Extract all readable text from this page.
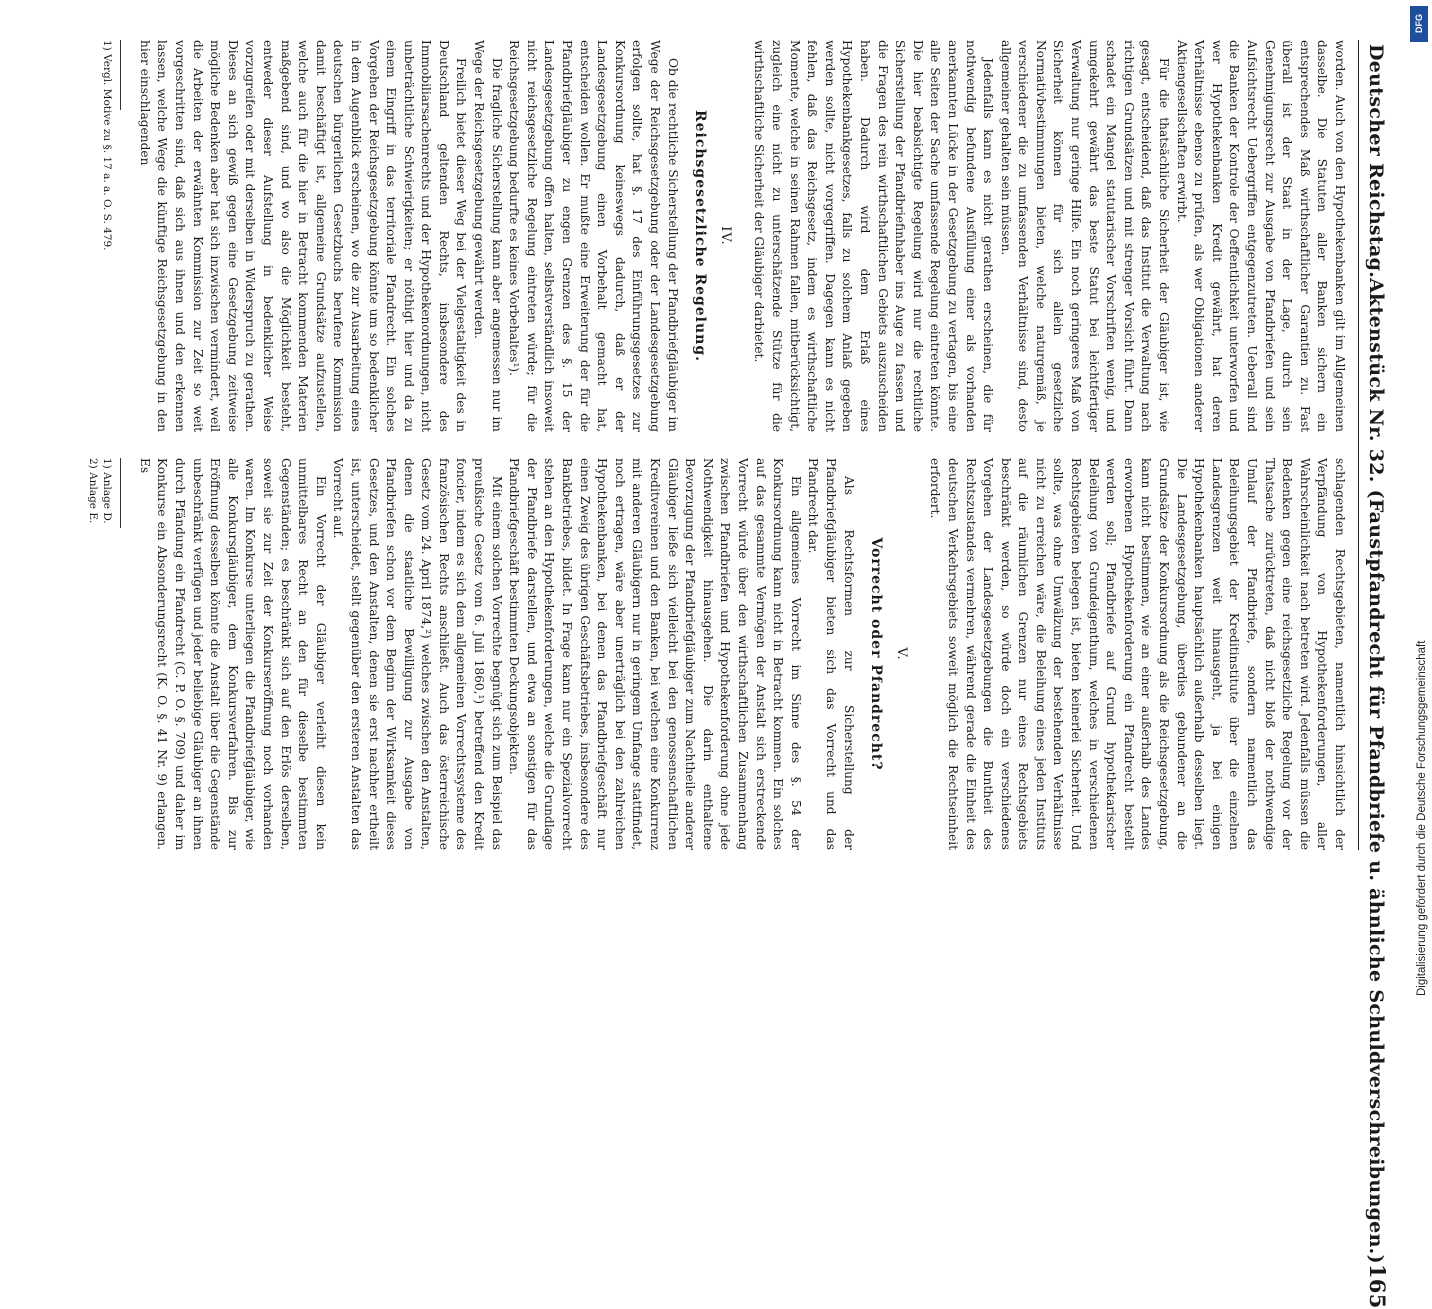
Deutscher Reichstag.
Aktenstück Nr. 32. (Faustpfandrecht für Pfandbriefe u. ähnliche Schuldverschreibungen.)
165

worden. Auch von den Hypothekenbanken gilt im Allgemeinen dasselbe. Die Statuten aller Banken sichern ein entsprechendes Maß wirthschaftlicher Garantien zu. Fast überall ist der Staat in der Lage, durch sein Genehmigungsrecht zur Ausgabe von Pfandbriefen und sein Aufsichtsrecht Uebergriffen entgegenzutreten. Ueberall sind die Banken der Kontrole der Oeffentlichkeit unterworfen und wer Hypothekenbanken Kredit gewährt, hat deren Verhältnisse ebenso zu prüfen, als wer Obligationen anderer Aktiengesellschaften erwirbt.

Für die thatsächliche Sicherheit der Gläubiger ist, wie gesagt, entscheidend, daß das Institut die Verwaltung nach richtigen Grundsätzen und mit strenger Vorsicht führt. Dann schadet ein Mangel statutarischer Vorschriften wenig, und umgekehrt gewährt das beste Statut bei leichtfertiger Verwaltung nur geringe Hilfe. Ein noch geringeres Maß von Sicherheit können für sich allein gesetzliche Normativbestimmungen bieten, welche naturgemäß, je verschiedener die zu umfassenden Verhältnisse sind, desto allgemeiner gehalten sein müssen.

Jedenfalls kann es nicht gerathen erscheinen, die für nothwendig befundene Ausfüllung einer als vorhanden anerkannten Lücke in der Gesetzgebung zu vertagen, bis eine alle Seiten der Sache umfassende Regelung eintreten könnte. Die hier beabsichtigte Regelung wird nur die rechtliche Sicherstellung der Pfandbriefinhaber ins Auge zu fassen und die Fragen des rein wirthschaftlichen Gebiets auszuscheiden haben. Dadurch wird dem Erlaß eines Hypothekenbankgesetzes, falls zu solchem Anlaß gegeben werden sollte, nicht vorgegriffen. Dagegen kann es nicht fehlen, daß das Reichsgesetz, indem es wirthschaftliche Momente, welche in seinen Rahmen fallen, mitberücksichtigt, zugleich eine nicht zu unterschätzende Stütze für die wirthschaftliche Sicherheit der Gläubiger darbietet.

IV.
Reichsgesetzliche Regelung.

Ob die rechtliche Sicherstellung der Pfandbriefgläubiger im Wege der Reichsgesetzgebung oder der Landesgesetzgebung erfolgen sollte, hat §. 17 des Einführungsgesetzes zur Konkursordnung keineswegs dadurch, daß er der Landesgesetzgebung einen Vorbehalt gemacht hat, entscheiden wollen. Er mußte eine Erweiterung der für die Pfandbriefgläubiger zu engen Grenzen des §. 15 der Landesgesetzgebung offen halten, selbstverständlich insoweit nicht reichsgesetzliche Regelung eintreten würde; für die Reichsgesetzgebung bedurfte es keines Vorbehaltes¹).

Die fragliche Sicherstellung kann aber angemessen nur im Wege der Reichsgesetzgebung gewährt werden.

Freilich bietet dieser Weg bei der Vielgestaltigkeit des in Deutschland geltenden Rechts, insbesondere des Immobiliarsachenrechts und der Hypothekenordnungen, nicht unbeträchtliche Schwierigkeiten; er nöthigt hier und da zu einem Eingriff in das territoriale Pfandrecht. Ein solches Vorgehen der Reichsgesetzgebung könnte um so bedenklicher in dem Augenblick erscheinen, wo die zur Ausarbeitung eines deutschen bürgerlichen Gesetzbuchs berufene Kommission damit beschäftigt ist, allgemeine Grundsätze aufzustellen, welche auch für die hier in Betracht kommenden Materien maßgebend sind, und wo also die Möglichkeit besteht, entweder dieser Aufstellung in bedenklicher Weise vorzugreifen oder mit derselben in Widerspruch zu gerathen. Dieses an sich gewiß gegen eine Gesetzgebung zeitweise mögliche Bedenken aber hat sich inzwischen vermindert, weil die Arbeiten der erwähnten Kommission zur Zeit so weit vorgeschritten sind, daß sich aus ihnen und den erkennen lassen, welche Wege die künftige Reichsgesetzgebung in den hier einschlagenden

1) Vergl. Motive zu §. 17 a. a. O. S. 479.

schlagenden Rechtsgebieten, namentlich hinsichtlich der Verpfändung von Hypothekenforderungen, aller Wahrscheinlichkeit nach betreten wird. Jedenfalls müssen die Bedenken gegen eine reichsgesetzliche Regelung vor der Thatsache zurücktreten, daß nicht bloß der nothwendige Umlauf der Pfandbriefe, sondern namentlich das Beleihungsgebiet der Kreditinstitute über die einzelnen Landesgrenzen weit hinausgeht, ja bei einigen Hypothekenbanken hauptsächlich außerhalb desselben liegt. Die Landesgesetzgebung, überdies gebundener an die Grundsätze der Konkursordnung als die Reichsgesetzgebung, kann nicht bestimmen, wie an einer außerhalb des Landes erworbenen Hypothekenforderung ein Pfandrecht bestellt werden soll; Pfandbriefe auf Grund hypothekarischer Beleihung von Grundeigenthum, welches in verschiedenen Rechtsgebieten belegen ist, bieten keinerlei Sicherheit. Und sollte, was ohne Umwälzung der bestehenden Verhältnisse nicht zu erreichen wäre, die Beleihung eines jeden Instituts auf die räumlichen Grenzen nur eines Rechtsgebiets beschränkt werden, so würde doch ein verschiedenes Vorgehen der Landesgesetzgebungen die Buntheit des Rechtszustandes vermehren, während gerade die Einheit des deutschen Verkehrsgebiets soweit möglich die Rechtseinheit erfordert.

V.
Vorrecht oder Pfandrecht?

Als Rechtsformen zur Sicherstellung der Pfandbriefgläubiger bieten sich das Vorrecht und das Pfandrecht dar.

Ein allgemeines Vorrecht im Sinne des §. 54 der Konkursordnung kann nicht in Betracht kommen. Ein solches auf das gesammte Vermögen der Anstalt sich erstreckende Vorrecht würde über den wirthschaftlichen Zusammenhang zwischen Pfandbriefen und Hypothekenforderung ohne jede Nothwendigkeit hinausgehen. Die darin enthaltene Bevorzugung der Pfandbriefgläubiger zum Nachtheile anderer Gläubiger ließe sich vielleicht bei den genossenschaftlichen Kreditvereinen und den Banken, bei welchen eine Konkurrenz mit anderen Gläubigern nur in geringem Umfange stattfindet, noch ertragen, wäre aber unerträglich bei den zahlreichen Hypothekenbanken, bei denen das Pfandbriefgeschäft nur einen Zweig des übrigen Geschäftsbetriebes, insbesondere des Bankbetriebes, bildet. In Frage kann nur ein Spezialvorrecht stehen an den Hypothekenforderungen, welche die Grundlage der Pfandbriefe darstellen, und etwa an sonstigen für das Pfandbriefgeschäft bestimmten Deckungsobjekten.

Mit einem solchen Vorrechte begnügt sich zum Beispiel das preußische Gesetz vom 6. Juli 1860,¹) betreffend den Kredit foncier, indem es sich dem allgemeinen Vorrechtssysteme des französischen Rechts anschließt. Auch das österreichische Gesetz vom 24. April 1874,²) welches zwischen den Anstalten, denen die staatliche Bewilligung zur Ausgabe von Pfandbriefen schon vor dem Beginn der Wirksamkeit dieses Gesetzes, und den Anstalten, denen sie erst nachher ertheilt ist, unterscheidet, stellt gegenüber den ersteren Anstalten das Vorrecht auf.

Ein Vorrecht der Gläubiger verleiht diesen kein unmittelbares Recht an den für dieselbe bestimmten Gegenständen; es beschränkt sich auf den Erlös derselben, soweit sie zur Zeit der Konkurseröffnung noch vorhanden waren. Im Konkurse unterliegen die Pfandbriefgläubiger, wie alle Konkursgläubiger, dem Konkursverfahren. Bis zur Eröffnung desselben könnte die Anstalt über die Gegenstände unbeschränkt verfügen und jeder beliebige Gläubiger an ihnen durch Pfändung ein Pfandrecht (C. P. O. §. 709) und daher im Konkurse ein Absonderungsrecht (K. O. §. 41 Nr. 9) erlangen. Es

1) Anlage D.

2) Anlage E.

DFG
Digitalisierung gefördert durch die Deutsche Forschungsgemeinschaft
